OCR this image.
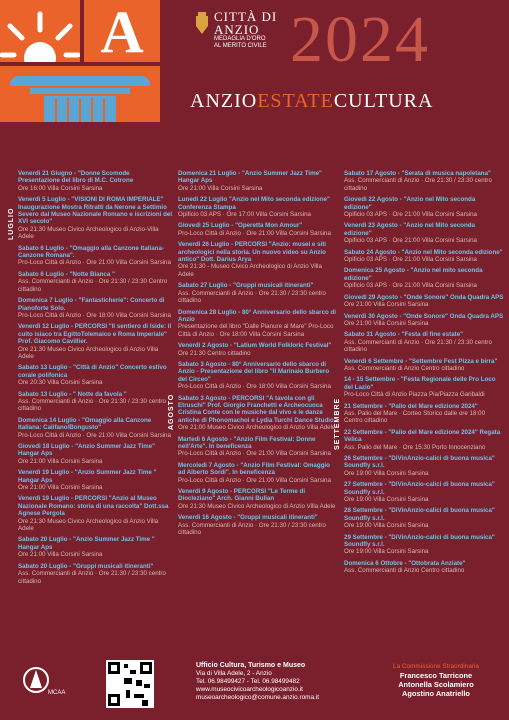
A	CITTÀ DI ANZIO
MEDAGLIA D'ORO
AL MERITO CIVILE 2024
ANZIOESTATECULTURA
LUGLIO
AGOSTO	SETTEMBRE
Venerdì 21 Giugno - "Donne Scomode Presentazione del libro di M.C. Cotrone
Ore 16:00 Villa Corsini Sarsina
Venerdì 5 Luglio - "VISIONI DI ROMA IMPERIALE" Inaugurazione Mostra Ritratti da Nerone a Settimio Severo dal Museo Nazionale Romano e iscrizioni del XVI secolo"
Ore 21:30 Museo Civico Archeologico di Anzio-Villa Adele
Sabato 6 Luglio - "Omaggio alla Canzone Italiana-Canzone Romana".
Pro-Loco Città di Anzio · Ore 21:00 Villa Corsini Sarsina
Sabato 6 Luglio - "Notte Bianca "
Ass. Commercianti di Anzio · Ore 21:30 / 23:30 Centro cittadino
Domenica 7 Luglio - "Fantasticherie": Concerto di Pianoforte Solo.
Pro-Loco Città di Anzio · Ore 18:00 Villa Corsini Sarsina
Venerdì 12 Luglio - PERCORSI "Il sentiero di Iside: il culto isiaco tra EgittoTolemaico e Roma Imperiale" Prof. Giacomo Cavillier.
Ore 21:30 Museo Civico Archeologico di Anzio Villa Adele
Sabato 13 Luglio - "Città di Anzio" Concerto estivo corale polifonica
Ore 20:30 Villa Corsini Sarsina
Sabato 13 Luglio - " Notte da favola "
Ass. Commercianti di Anzio · Ore 21:30 / 23:30 centro cittadino
Domenica 14 Luglio - "Omaggio alla Canzone Italiana: Califano/Bongusto"
Pro-Loco Città di Anzio · Ore 21:00 Villa Corsini Sarsina
Giovedì 18 Luglio - "Anzio Summer Jazz Time" Hangar Aps
Ore 21:00 Villa Corsini Sarsina
Venerdì 19 Luglio - "Anzio Summer Jazz Time " Hangar Aps
Ore 21:00 Villa Corsini Sarsina
Venerdì 19 Luglio - PERCORSI "Anzio al Museo Nazionale Romano: storia di una raccolta" Dott.ssa Agnese Pergola
Ore 21:30 Museo Civico Archeologico di Anzio Villa Adele
Sabato 20 Luglio - "Anzio Summer Jazz Time " Hangar Aps
Ore 21:00 Villa Corsini Sarsina
Sabato 20 Luglio - "Gruppi musicali itineranti"
Ass. Commercianti di Anzio · Ore 21:30 / 23:30 centro cittadino
Domenica 21 Luglio - "Anzio Summer Jazz Time" Hangar Aps
Ore 21:00 Villa Corsini Sarsina
Lunedì 22 Luglio "Anzio nel Mito seconda edizione" Conferenza Stampa
Opificio 03 APS · Ore 17:00 Villa Corsini Sarsina
Giovedì 25 Luglio - "Operetta Mon Amour"
Pro-Loco Città di Anzio · Ore 21:00 Villa Corsini Sarsina
Venerdì 26 Luglio - PERCORSI "Anzio: musei e siti archeologici nella storia. Un nuovo video su Anzio antico" Dott. Darius Arya
Ore 21:30 - Museo Civico Archeologico di Anzio Villa Adele
Sabato 27 Luglio - "Gruppi musicali itineranti"
Ass. Commercianti di Anzio · Ore 21:30 / 23:30 centro cittadino
Domenica 28 Luglio - 80° Anniversario dello sbarco di Anzio
Presentazione del libro "Dalle Pianure al Mare" Pro-Loco Città di Anzio · Ore 18:00 Villa Corsini Sarsina
Venerdì 2 Agosto - "Latium World Folkloric Festival"
Ore 21:30 Centro cittadino
Sabato 3 Agosto - 80° Anniversario dello sbarco di Anzio - Presentazione del libro "Il Marinaio Burbero del Circeo"
Pro-Loco Città di Anzio · Ore 18:00 Villa Corsini Sarsina
Sabato 3 Agosto - PERCORSI "A tavola con gli Etruschi" Prof. Giorgio Franchetti e Archeocuoca Cristina Conte con le musiche dal vivo e le danze antiche di Phonomachoi e Lydia Turchi Dance Studio
Ore 21:00 Museo Civico Archeologico di Anzio Villa Adele
Martedì 6 Agosto - "Anzio Film Festival: Donne nell'Arte". In beneficenza
Pro-Loco Città di Anzio · Ore 21:00 Villa Corsini Sarsina
Mercoledì 7 Agosto - "Anzio Film Festival: Omaggio ad Alberto Sordi". In beneficenza
Pro-Loco Città di Anzio · Ore 21:00 Villa Corsini Sarsina
Venerdì 9 Agosto - PERCORSI "Le Terme di Diocleziano" Arch. Gianni Bulian
Ore 21:30 Museo Civico Archeologico di Anzio Villa Adele
Venerdì 16 Agosto - "Gruppi musicali itineranti"
Ass. Commercianti di Anzio · Ore 21:30 / 23:30 centro cittadino
Sabato 17 Agosto - "Serata di musica napoletana"
Ass. Commercianti di Anzio · Ore 21:30 / 23:30 centro cittadino
Giovedì 22 Agosto - "Anzio nel Mito seconda edizione"
Opificio 03 APS · Ore 21:00 Villa Corsini Sarsina
Venerdì 23 Agosto - "Anzio nel Mito seconda edizione"
Opificio 03 APS · Ore 21:00 Villa Corsini Sarsina
Sabato 24 Agosto - "Anzio nel Mito seconda edizione"
Opificio 03 APS · Ore 21:00 Villa Corsini Sarsina
Domenica 25 Agosto - "Anzio nel mito seconda edizione"
Opificio 03 APS · Ore 21:00 Villa Corsini Sarsina
Giovedì 29 Agosto - "Onde Sonore" Onda Quadra APS
Ore 21:00 Villa Corsini Sarsina
Venerdì 30 Agosto - "Onde Sonore" Onda Quadra APS
Ore 21:00 Villa Corsini Sarsina
Sabato 31 Agosto - "Festa di fine estate"
Ass. Commercianti di Anzio · Ore 21:30 / 23:30 centro cittadino
Venerdì 6 Settembre - "Settembre Fest Pizza e birra"
Ass. Commercianti di Anzio Centro cittadino
14 - 15 Settembre - "Festa Regionale delle Pro Loco del Lazio"
Pro-Loco Città di Anzio Piazza Pia/Piazza Garibaldi
21 Settembre - "Palio del Mare edizione 2024"
Ass. Palio del Mare · Corteo Storico dalle ore 18:00 Centro cittadino
22 Settembre - "Palio del Mare edizione 2024" Regata Velica
Ass. Palio del Mare · Ore 15:30 Porto Innocenziano
26 Settembre - "DiVinAnzio-calici di buona musica" Soundfly s.r.l.
Ore 19:00 Villa Corsini Sarsina
27 Settembre - "DiVinAnzio-calici di buona musica" Soundfly s.r.l.
Ore 19:00 Villa Corsini Sarsina
28 Settembre - "DiVinAnzio-calici di buona musica" Soundfly s.r.l.
Ore 19:00 Villa Corsini Sarsina
29 Settembre - "DiVinAnzio-calici di buona musica" Soundfly s.r.l.
Ore 19:00 Villa Corsini Sarsina
Domenica 6 Ottobre - "Ottobrata Anziate"
Ass. Commercianti di Anzio Centro cittadino
MCAA
Ufficio Cultura, Turismo e Museo
Via di Villa Adele, 2 - Anzio
Tel. 06.98499427 - Tel. 06.98499482
www.museocivicoarcheologicoanzio.it
museoarcheologico@comune.anzio.roma.it
La Commissione Straordinaria
Francesco Tarricone
Antonella Scolamiero
Agostino Anatriello
